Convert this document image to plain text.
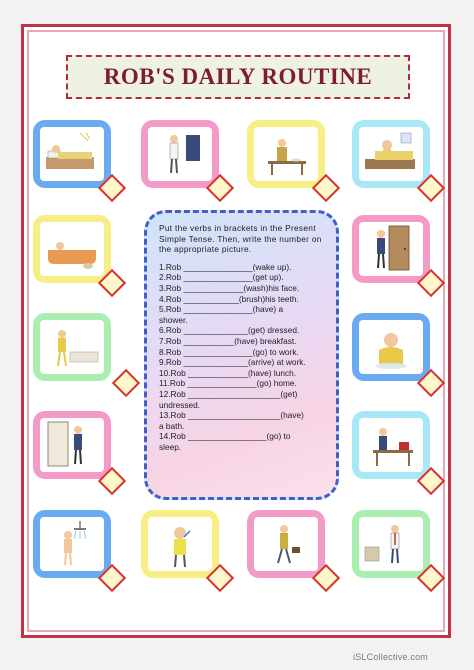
ROB'S DAILY ROUTINE
Put the verbs in brackets in the Present Simple Tense. Then, write the number on the appropriate picture.
1.Rob _______________(wake up).
2.Rob _______________(get up).
3.Rob _____________(wash)his face.
4.Rob ____________(brush)his teeth.
5.Rob _______________(have) a
shower.
6.Rob ______________(get) dressed.
7.Rob ___________(have) breakfast.
8.Rob _______________(go) to work.
9.Rob ______________(arrive) at work.
10.Rob _____________(have) lunch.
11.Rob _______________(go) home.
12.Rob ____________________(get)
undressed.
13.Rob ____________________(have)
a bath.
14.Rob _________________(go) to
sleep.
iSLCollective.com
